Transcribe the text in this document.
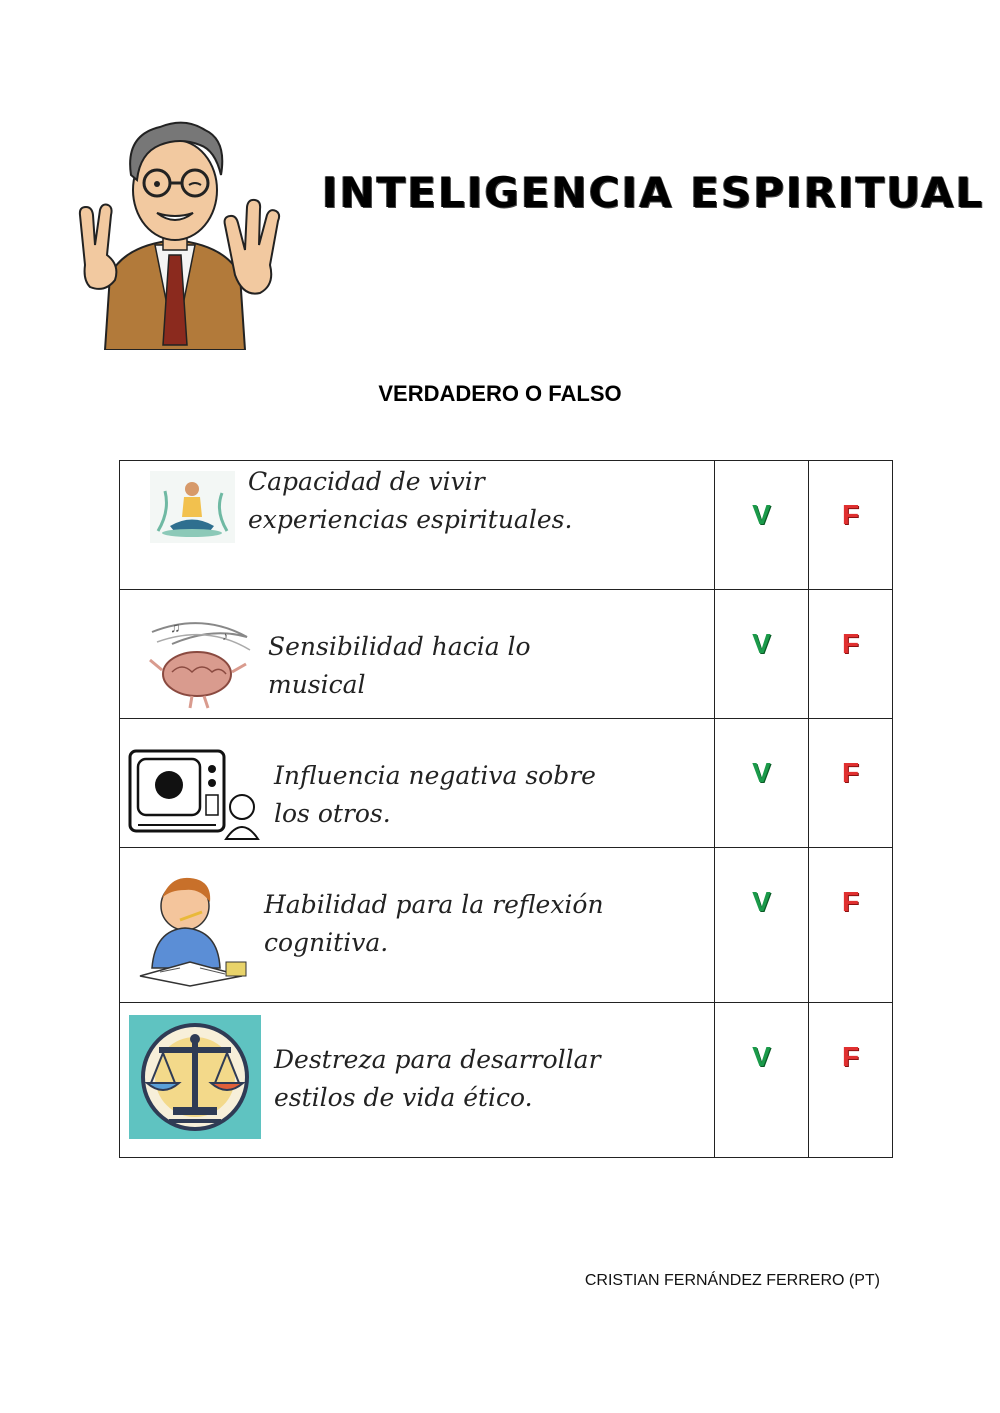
INTELIGENCIA ESPIRITUAL
VERDADERO O FALSO
Capacidad de vivir
experiencias espirituales.	V	F

♫
♪ Sensibilidad hacia lo
musical	V	F

Influencia negativa sobre
los otros.	V	F

Habilidad para la reflexión
cognitiva.	V	F

Destreza para desarrollar
estilos de vida ético.	V	F
CRISTIAN FERNÁNDEZ FERRERO (PT)
